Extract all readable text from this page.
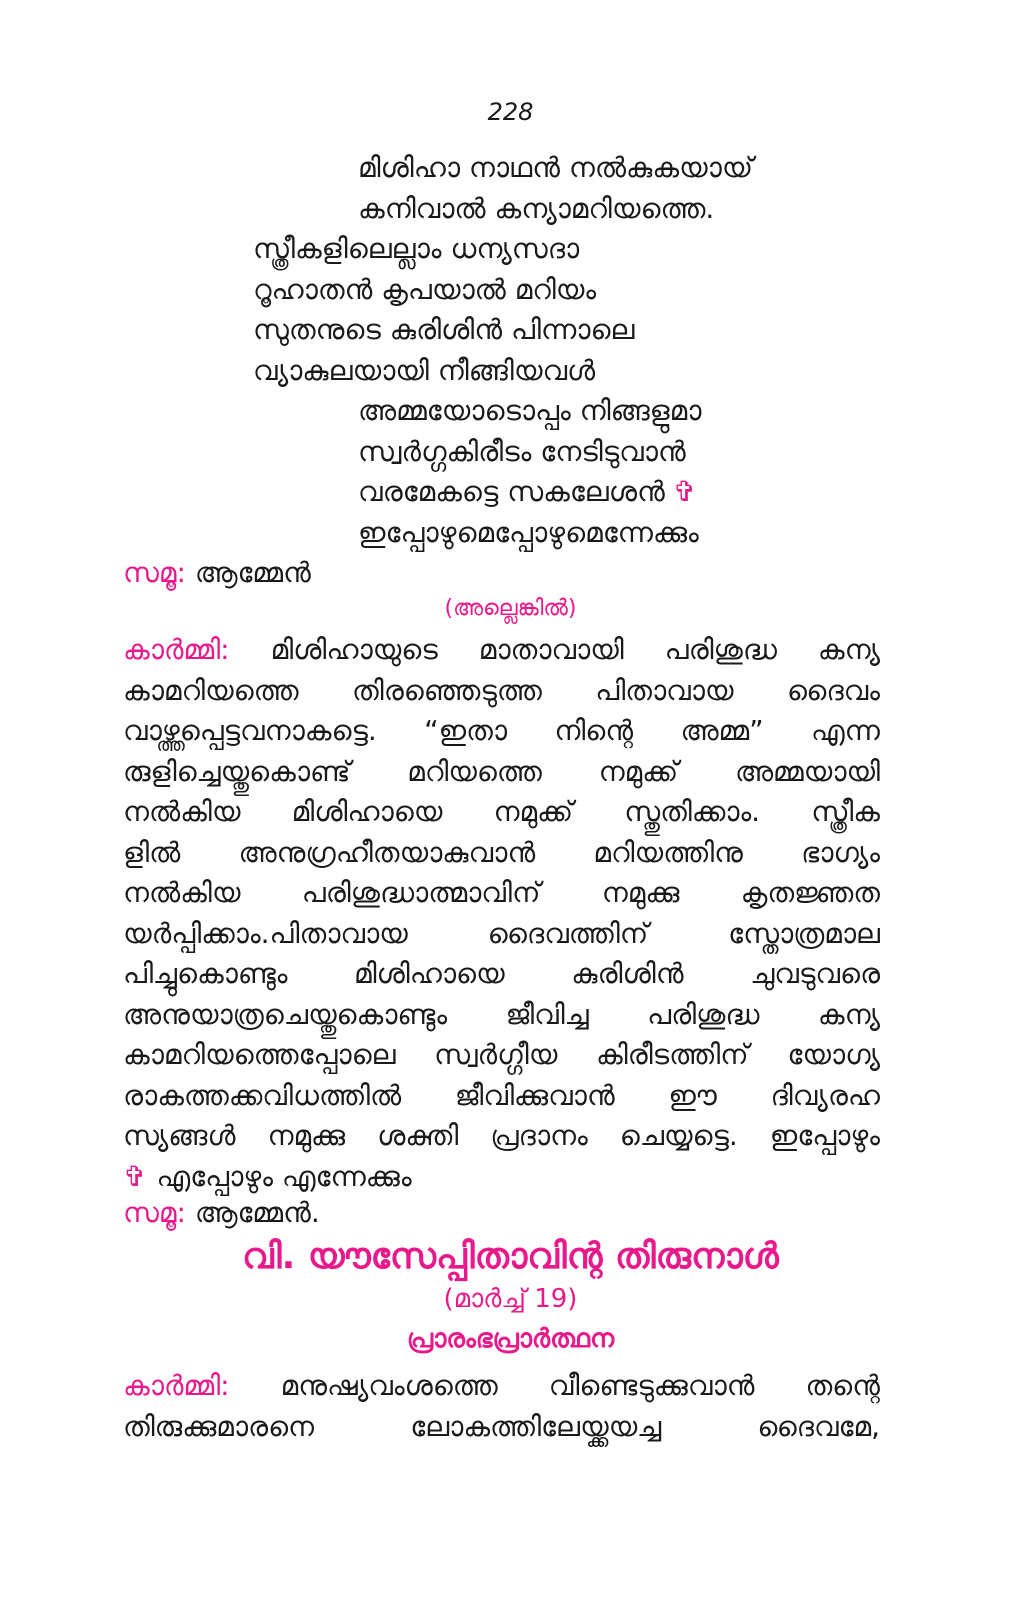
228
മിശിഹാ നാഥൻ നൽകുകയായ്
കനിവാൽ കന്യാമറിയത്തെ.
സ്ത്രീകളിലെല്ലാം ധന്യസദാ
റൂഹാതൻ കൃപയാൽ മറിയം
സുതനുടെ കുരിശിൻ പിന്നാലെ
വ്യാകുലയായി നീങ്ങിയവൾ
അമ്മയോടൊപ്പം നിങ്ങളുമാ
സ്വർഗ്ഗകിരീടം നേടിടുവാൻ
വരമേകട്ടെ സകലേശൻ ✞
ഇപ്പോഴുമെപ്പോഴുമെന്നേക്കും
സമൂ: ആമ്മേൻ
(അല്ലെങ്കിൽ)
കാർമ്മി: മിശിഹായുടെ മാതാവായി പരിശുദ്ധ കന്യ
കാമറിയത്തെ തിരഞ്ഞെടുത്ത പിതാവായ ദൈവം
വാഴ്ത്തപ്പെട്ടവനാകട്ടെ. “ഇതാ നിന്റെ അമ്മ” എന്ന
രുളിച്ചെയ്തുകൊണ്ട് മറിയത്തെ നമുക്ക് അമ്മയായി
നൽകിയ മിശിഹായെ നമുക്ക് സ്തുതിക്കാം. സ്ത്രീക
ളിൽ അനുഗ്രഹീതയാകുവാൻ മറിയത്തിനു ഭാഗ്യം
നൽകിയ പരിശുദ്ധാത്മാവിന് നമുക്കു കൃതജ്ഞത
യർപ്പിക്കാം.പിതാവായ ദൈവത്തിന് സ്തോത്രമാല
പിച്ചുകൊണ്ടും മിശിഹായെ കുരിശിൻ ചുവടുവരെ
അനുയാത്രചെയ്തുകൊണ്ടും ജീവിച്ച പരിശുദ്ധ കന്യ
കാമറിയത്തെപ്പോലെ സ്വർഗ്ഗീയ കിരീടത്തിന് യോഗ്യ
രാകത്തക്കവിധത്തിൽ ജീവിക്കുവാൻ ഈ ദിവ്യരഹ
സ്യങ്ങൾ നമുക്കു ശക്തി പ്രദാനം ചെയ്യട്ടെ. ഇപ്പോഴും
✞ എപ്പോഴും എന്നേക്കും
സമൂ: ആമ്മേൻ.
വി. യൗസേപ്പിതാവിന്റ തിരുനാൾ
(മാർച്ച് 19)
പ്രാരംഭപ്രാർത്ഥന
കാർമ്മി: മനുഷ്യവംശത്തെ വീണ്ടെടുക്കുവാൻ തന്റെ
തിരുക്കുമാരനെ ലോകത്തിലേയ്ക്കയച്ച ദൈവമേ,
